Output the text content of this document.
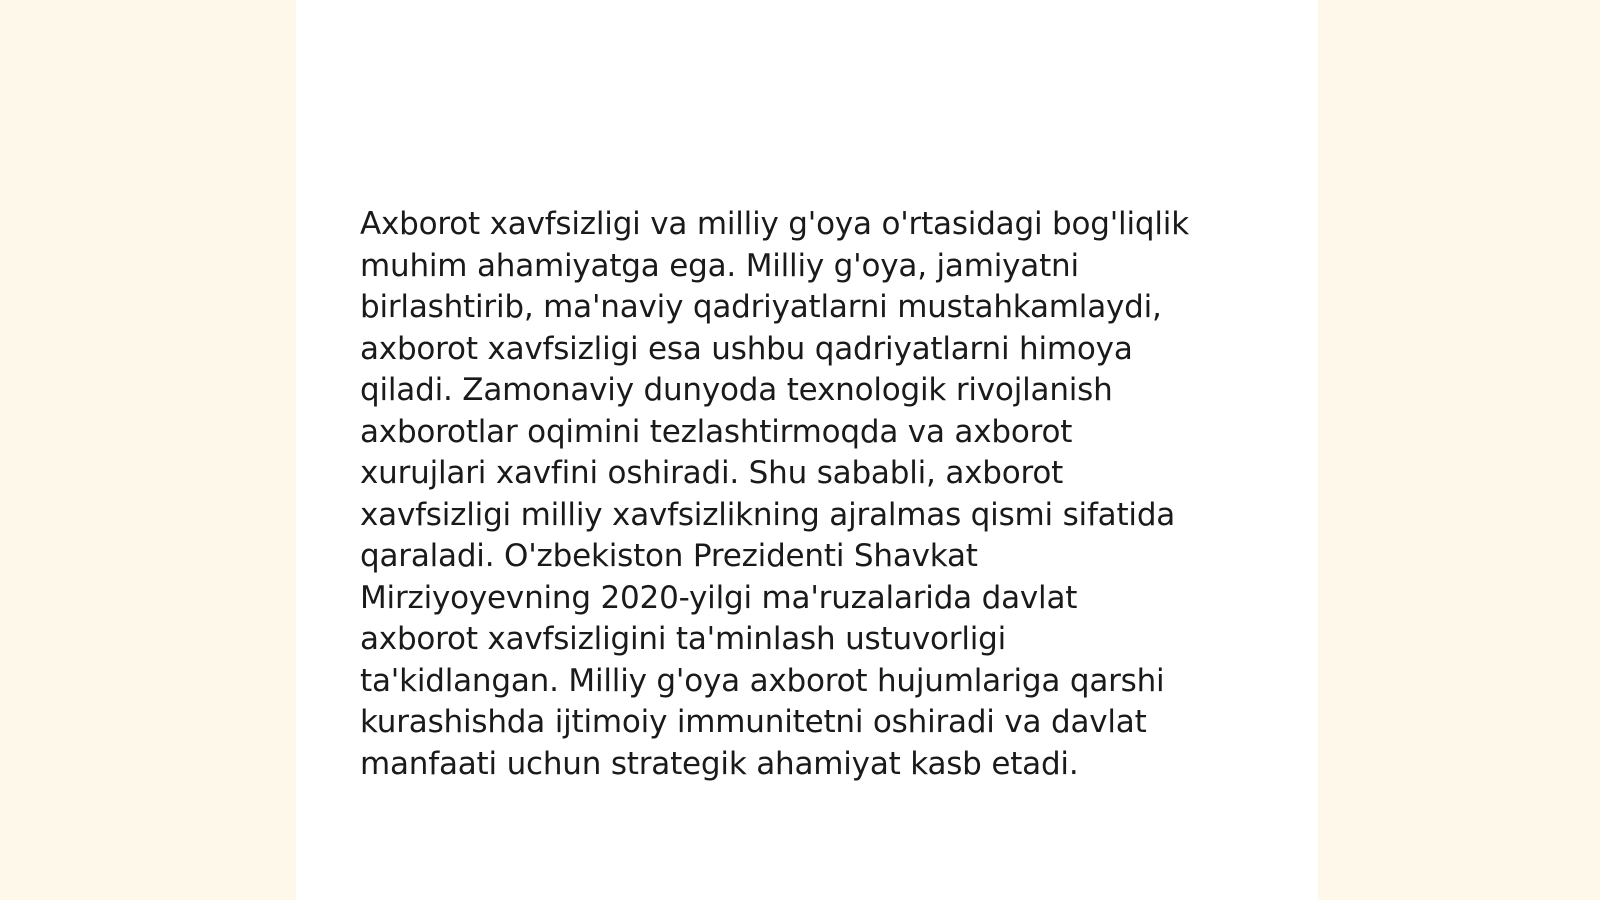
Axborot xavfsizligi va milliy g'oya o'rtasidagi bog'liqlik
muhim ahamiyatga ega. Milliy g'oya, jamiyatni
birlashtirib, ma'naviy qadriyatlarni mustahkamlaydi,
axborot xavfsizligi esa ushbu qadriyatlarni himoya
qiladi. Zamonaviy dunyoda texnologik rivojlanish
axborotlar oqimini tezlashtirmoqda va axborot
xurujlari xavfini oshiradi. Shu sababli, axborot
xavfsizligi milliy xavfsizlikning ajralmas qismi sifatida
qaraladi. O'zbekiston Prezidenti Shavkat
Mirziyoyevning 2020-yilgi ma'ruzalarida davlat
axborot xavfsizligini ta'minlash ustuvorligi
ta'kidlangan. Milliy g'oya axborot hujumlariga qarshi
kurashishda ijtimoiy immunitetni oshiradi va davlat
manfaati uchun strategik ahamiyat kasb etadi.
